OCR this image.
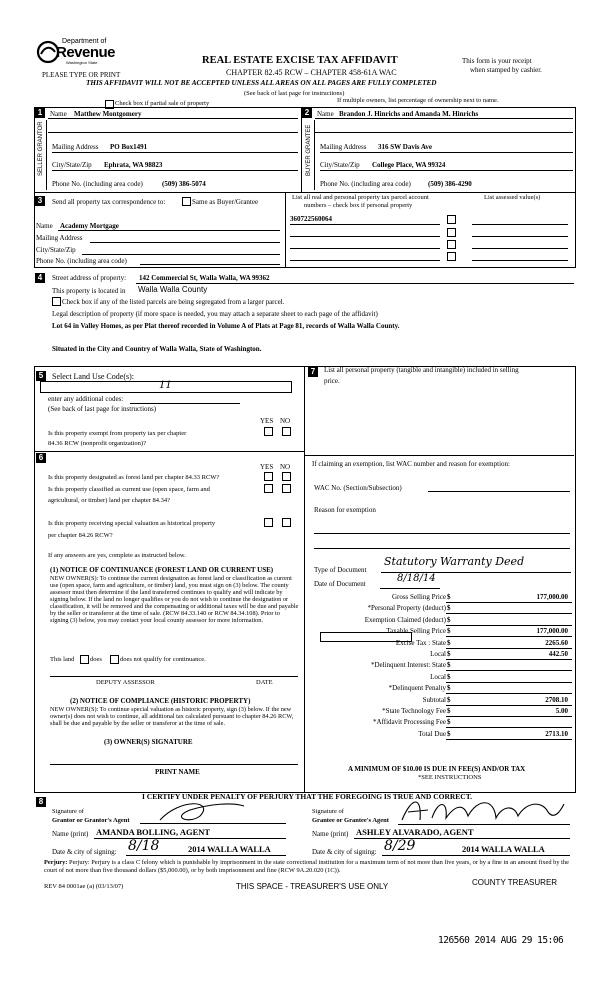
Department of
Revenue
Washington State
PLEASE TYPE OR PRINT
REAL ESTATE EXCISE TAX AFFIDAVIT
CHAPTER 82.45 RCW – CHAPTER 458-61A WAC
This form is your receipt
when stamped by cashier.
THIS AFFIDAVIT WILL NOT BE ACCEPTED UNLESS ALL AREAS ON ALL PAGES ARE FULLY COMPLETED
(See back of last page for instructions)
Check box if partial sale of property	If multiple owners, list percentage of ownership next to name.
1	Name Matthew Montgomery
SELLER GRANTOR Mailing Address PO Box1491
City/State/Zip Ephrata, WA 98823
Phone No. (including area code)	(509) 386-5074
2	Name Brandon J. Hinrichs and Amanda M. Hinrichs
BUYER GRANTEE Mailing Address 316 SW Davis Ave
City/State/Zip College Place, WA 99324
Phone No. (including area code) (509) 386-4290
3	Send all property tax correspondence to:	Same as Buyer/Grantee
Name Academy Mortgage
Mailing Address
City/State/Zip
Phone No. (including area code)
List all real and personal property tax parcel account
numbers – check box if personal property
List assessed value(s)
360722560064
4	Street address of property: 142 Commercial St, Walla Walla, WA 99362
This property is located in Walla Walla County
Check box if any of the listed parcels are being segregated from a larger parcel.
Legal description of property (if more space is needed, you may attach a separate sheet to each page of the affidavit)
Lot 64 in Valley Homes, as per Plat thereof recorded in Volume A of Plats at Page 81, records of Walla Walla County.
Situated in the City and Country of Walla Walla, State of Washington.
5	Select Land Use Code(s):
11
enter any additional codes:
(See back of last page for instructions)
YES NO
Is this property exempt from property tax per chapter
84.36 RCW (nonprofit organization)?
6
YES NO
Is this property designated as forest land per chapter 84.33 RCW?
Is this property classified as current use (open space, farm and
agricultural, or timber) land per chapter 84.34?
Is this property receiving special valuation as historical property
per chapter 84.26 RCW?
If any answers are yes, complete as instructed below.
(1) NOTICE OF CONTINUANCE (FOREST LAND OR CURRENT USE)
NEW OWNER(S): To continue the current designation as forest land or classification as current use (open space, farm and agriculture, or timber) land, you must sign on (3) below. The county assessor must then determine if the land transferred continues to qualify and will indicate by signing below. If the land no longer qualifies or you do not wish to continue the designation or classification, it will be removed and the compensating or additional taxes will be due and payable by the seller or transferor at the time of sale. (RCW 84.33.140 or RCW 84.34.108). Prior to signing (3) below, you may contact your local county assessor for more information.
This land does	does not qualify for continuance.
DEPUTY ASSESSOR	DATE
(2) NOTICE OF COMPLIANCE (HISTORIC PROPERTY)
NEW OWNER(S): To continue special valuation as historic property, sign (3) below. If the new owner(s) does not wish to continue, all additional tax calculated pursuant to chapter 84.26 RCW, shall be due and payable by the seller or transferor at the time of sale.
(3) OWNER(S) SIGNATURE
PRINT NAME
7	List all personal property (tangible and intangible) included in selling
price.
If claiming an exemption, list WAC number and reason for exemption:
WAC No. (Section/Subsection)
Reason for exemption
Type of Document
Statutory Warranty Deed
Date of Document	8/18/14
Gross Selling Price $	177,000.00
*Personal Property (deduct) $
Exemption Claimed (deduct) $
Taxable Selling Price $	177,000.00
Excise Tax : State $	2265.60
Local $	442.50
*Delinquent Interest: State $
Local $
*Delinquent Penalty $
Subtotal $	2708.10
*State Technology Fee $	5.00
*Affidavit Processing Fee $
Total Due $	2713.10
A MINIMUM OF $10.00 IS DUE IN FEE(S) AND/OR TAX
*SEE INSTRUCTIONS
8
I CERTIFY UNDER PENALTY OF PERJURY THAT THE FOREGOING IS TRUE AND CORRECT.
Signature of
Grantor or Grantor's Agent
Name (print) AMANDA BOLLING, AGENT
Date & city of signing: 8/18	2014 WALLA WALLA
Signature of
Grantee or Grantee's Agent
Name (print) ASHLEY ALVARADO, AGENT
Date & city of signing: 8/29	2014 WALLA WALLA
Perjury: Perjury: Perjury is a class C felony which is punishable by imprisonment in the state correctional institution for a maximum term of not more than five years, or by a fine in an amount fixed by the court of not more than five thousand dollars ($5,000.00), or by both imprisonment and fine (RCW 9A.20.020 (1C)).
REV 84 0001ae (a) (03/13/07)	THIS SPACE - TREASURER'S USE ONLY	COUNTY TREASURER
126560 2014 AUG 29 15:06
